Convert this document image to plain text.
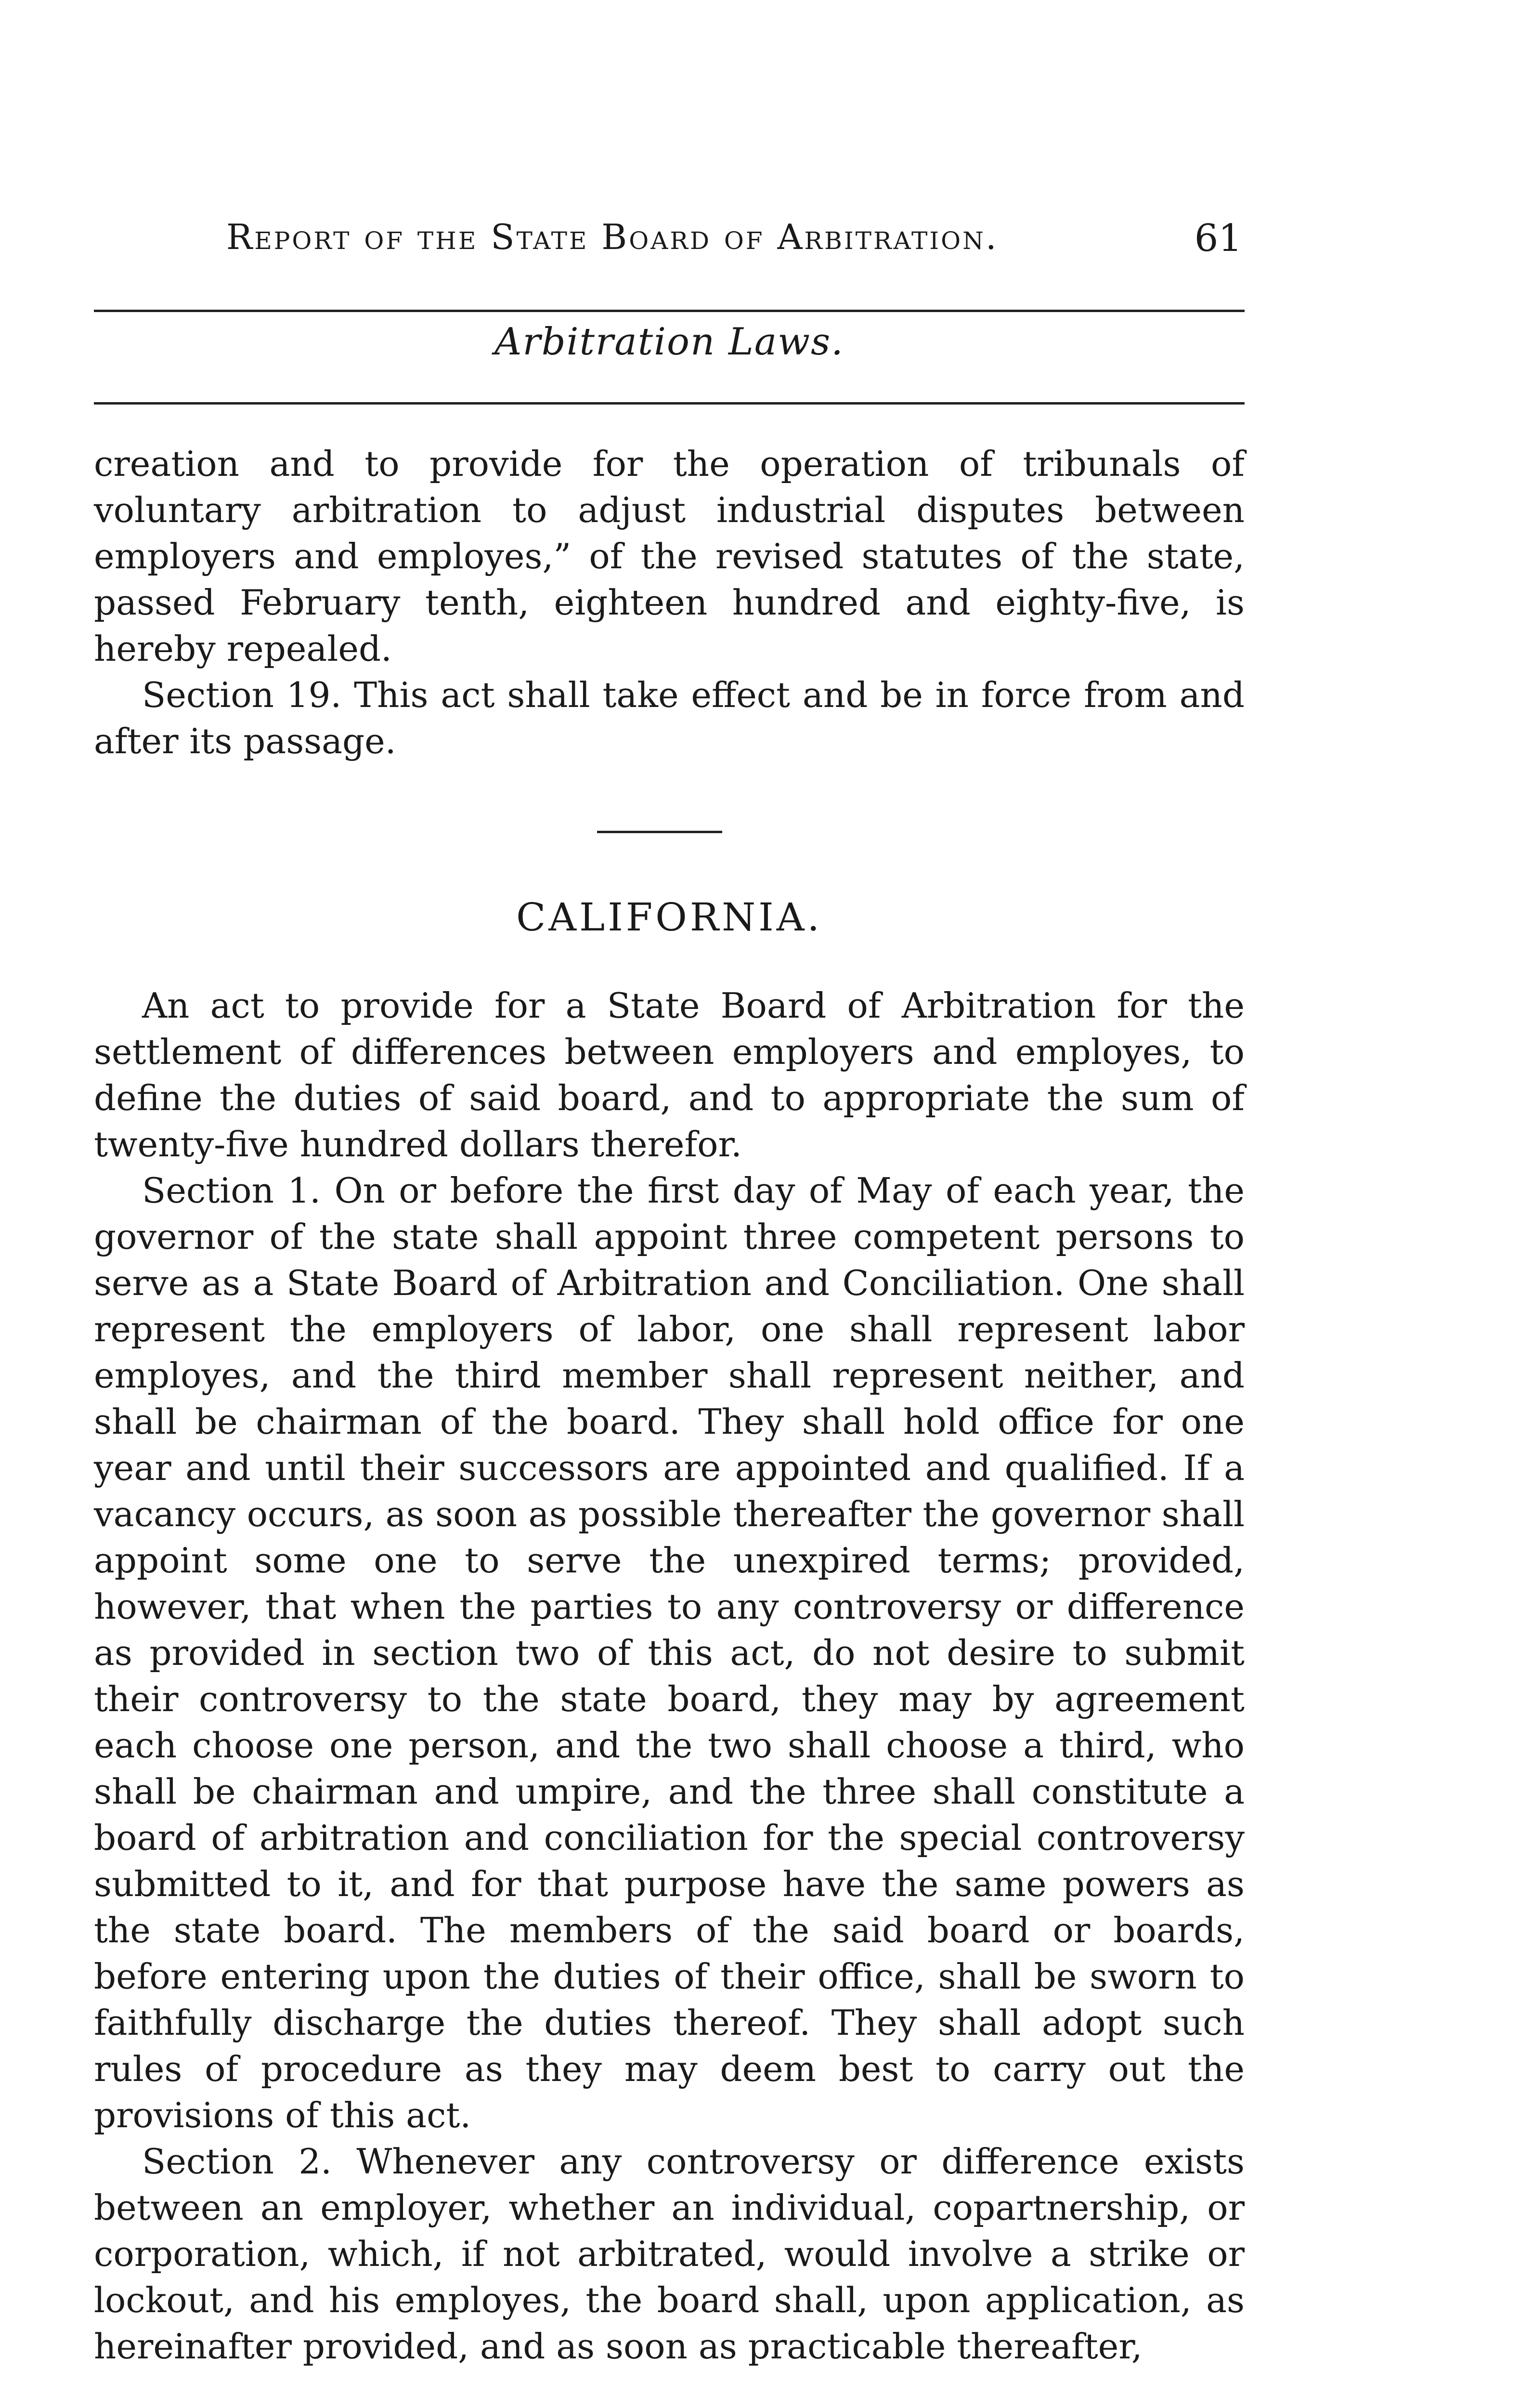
Report of the State Board of Arbitration.	61
Arbitration Laws.

creation and to provide for the operation of tribunals of voluntary arbitration to adjust industrial disputes between employers and employes,” of the revised statutes of the state, passed February tenth, eighteen hundred and eighty-five, is hereby repealed.

Section 19. This act shall take effect and be in force from and after its passage.

CALIFORNIA.

An act to provide for a State Board of Arbitration for the settlement of differences between employers and employes, to define the duties of said board, and to appropriate the sum of twenty-five hundred dollars therefor.

Section 1. On or before the first day of May of each year, the governor of the state shall appoint three competent persons to serve as a State Board of Arbitration and Conciliation. One shall represent the employers of labor, one shall represent labor employes, and the third member shall represent neither, and shall be chairman of the board. They shall hold office for one year and until their successors are appointed and qualified. If a vacancy occurs, as soon as possible thereafter the governor shall appoint some one to serve the unexpired terms; provided, however, that when the parties to any controversy or difference as provided in section two of this act, do not desire to submit their controversy to the state board, they may by agreement each choose one person, and the two shall choose a third, who shall be chairman and umpire, and the three shall constitute a board of arbitration and conciliation for the special controversy submitted to it, and for that purpose have the same powers as the state board. The members of the said board or boards, before entering upon the duties of their office, shall be sworn to faithfully discharge the duties thereof. They shall adopt such rules of procedure as they may deem best to carry out the provisions of this act.

Section 2. Whenever any controversy or difference exists between an employer, whether an individual, copartnership, or corporation, which, if not arbitrated, would involve a strike or lockout, and his employes, the board shall, upon application, as hereinafter provided, and as soon as practicable thereafter,
